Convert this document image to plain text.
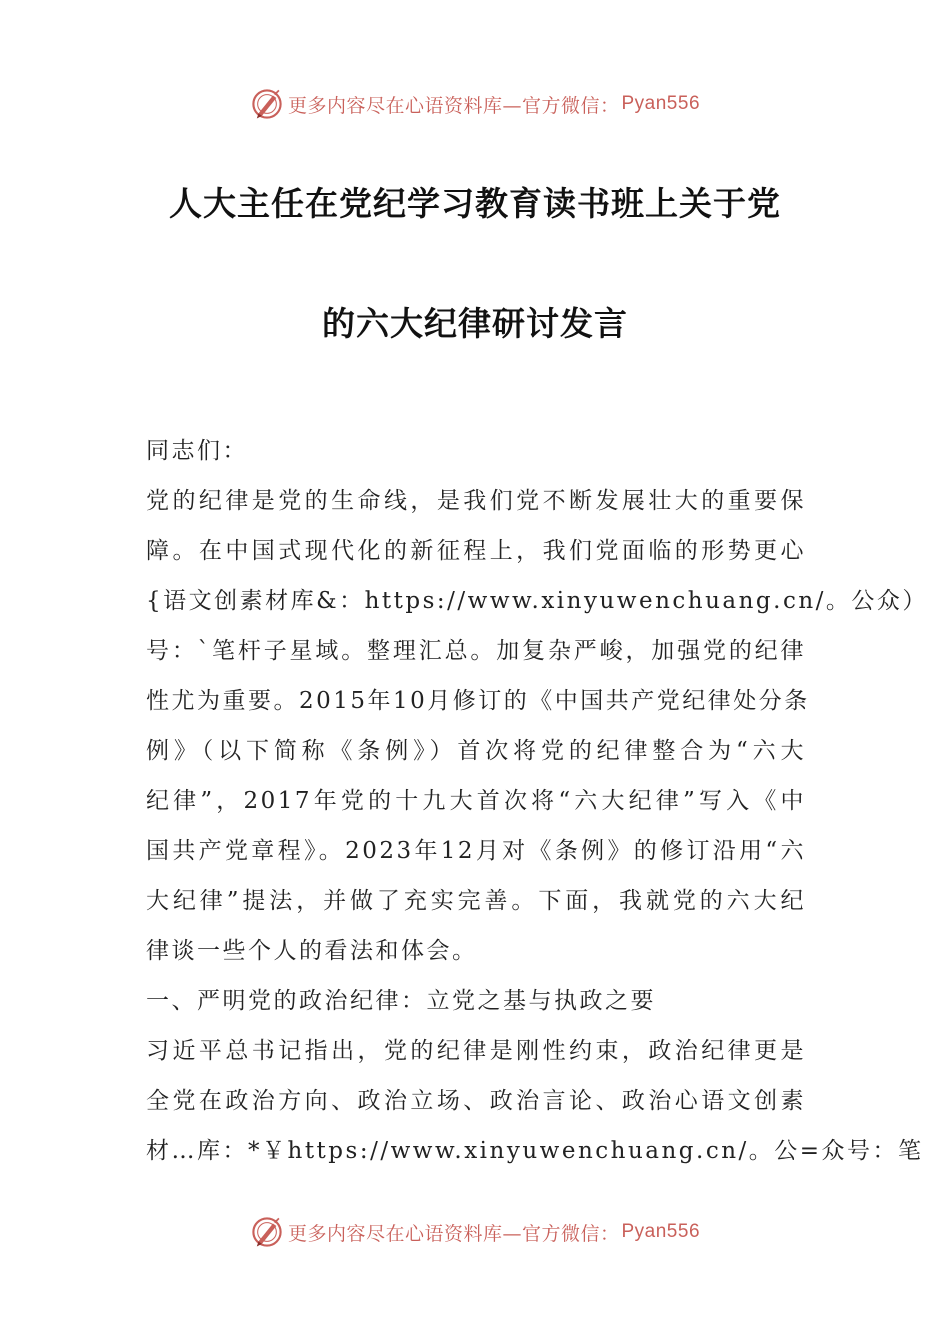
更多内容尽在心语资料库—官方微信： Pyan556
人大主任在党纪学习教育读书班上关于党
的六大纪律研讨发言
同志们：
党的纪律是党的生命线，是我们党不断发展壮大的重要保
障。在中国式现代化的新征程上，我们党面临的形势更心
{语文创素材库&：https://www.xinyuwenchuang.cn/。公众）
号：`笔杆子星域。整理汇总。加复杂严峻，加强党的纪律
性尤为重要。2015年10月修订的《中国共产党纪律处分条
例》（以下简称《条例》）首次将党的纪律整合为“六大
纪律”，2017年党的十九大首次将“六大纪律”写入《中
国共产党章程》。2023年12月对《条例》的修订沿用“六
大纪律”提法，并做了充实完善。下面，我就党的六大纪
律谈一些个人的看法和体会。
一、严明党的政治纪律：立党之基与执政之要
习近平总书记指出，党的纪律是刚性约束，政治纪律更是
全党在政治方向、政治立场、政治言论、政治心语文创素
材…库：*￥https://www.xinyuwenchuang.cn/。公=众号：笔
更多内容尽在心语资料库—官方微信： Pyan556
